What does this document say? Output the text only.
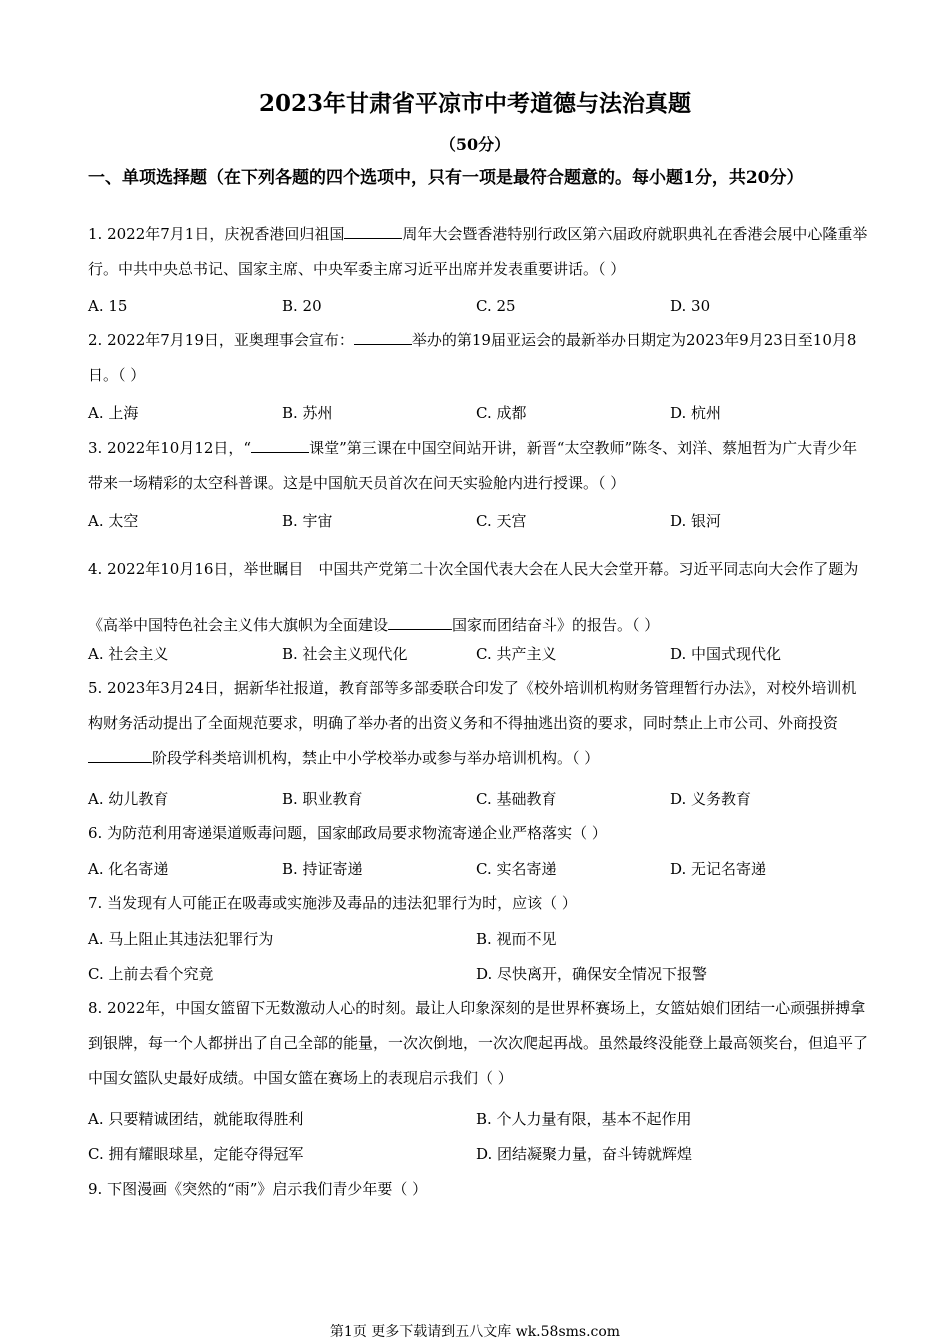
2023年甘肃省平凉市中考道德与法治真题
（50分）
一、单项选择题（在下列各题的四个选项中，只有一项是最符合题意的。每小题1分，共20分）
1. 2022年7月1日，庆祝香港回归祖国	周年大会暨香港特别行政区第六届政府就职典礼在香港会展中心隆重举行。中共中央总书记、国家主席、中央军委主席习近平出席并发表重要讲话。（ ）
A. 15	B. 20	C. 25	D. 30
2. 2022年7月19日，亚奥理事会宣布：	举办的第19届亚运会的最新举办日期定为2023年9月23日至10月8日。（ ）
A. 上海	B. 苏州	C. 成都	D. 杭州
3. 2022年10月12日，“	课堂”第三课在中国空间站开讲，新晋“太空教师”陈冬、刘洋、蔡旭哲为广大青少年带来一场精彩的太空科普课。这是中国航天员首次在问天实验舱内进行授课。（ ）
A. 太空	B. 宇宙	C. 天宫	D. 银河
4. 2022年10月16日，举世瞩目　中国共产党第二十次全国代表大会在人民大会堂开幕。习近平同志向大会作了题为《高举中国特色社会主义伟大旗帜为全面建设	国家而团结奋斗》的报告。（ ）
A. 社会主义	B. 社会主义现代化	C. 共产主义	D. 中国式现代化
5. 2023年3月24日，据新华社报道，教育部等多部委联合印发了《校外培训机构财务管理暂行办法》，对校外培训机构财务活动提出了全面规范要求，明确了举办者的出资义务和不得抽逃出资的要求，同时禁止上市公司、外商投资阶段学科类培训机构，禁止中小学校举办或参与举办培训机构。（ ）
A. 幼儿教育	B. 职业教育	C. 基础教育	D. 义务教育
6. 为防范利用寄递渠道贩毒问题，国家邮政局要求物流寄递企业严格落实（ ）
A. 化名寄递	B. 持证寄递	C. 实名寄递	D. 无记名寄递
7. 当发现有人可能正在吸毒或实施涉及毒品的违法犯罪行为时，应该（ ）
A. 马上阻止其违法犯罪行为	B. 视而不见
C. 上前去看个究竟	D. 尽快离开，确保安全情况下报警
8. 2022年，中国女篮留下无数激动人心的时刻。最让人印象深刻的是世界杯赛场上，女篮姑娘们团结一心顽强拼搏拿到银牌，每一个人都拼出了自己全部的能量，一次次倒地，一次次爬起再战。虽然最终没能登上最高领奖台，但追平了中国女篮队史最好成绩。中国女篮在赛场上的表现启示我们（ ）
A. 只要精诚团结，就能取得胜利	B. 个人力量有限，基本不起作用
C. 拥有耀眼球星，定能夺得冠军	D. 团结凝聚力量，奋斗铸就辉煌
9. 下图漫画《突然的“雨”》启示我们青少年要（ ）
第1页 更多下载请到五八文库 wk.58sms.com
